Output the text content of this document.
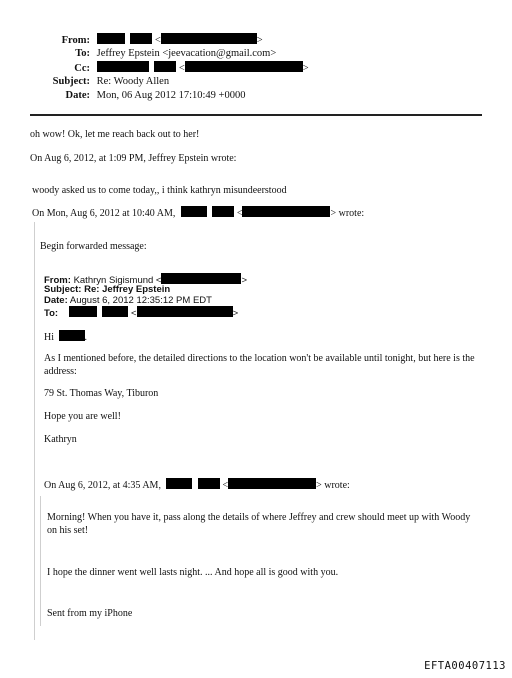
From:	<	>
To: Jeffrey Epstein <jeevacation@gmail.com>
Cc:	<	>
Subject: Re: Woody Allen
Date: Mon, 06 Aug 2012 17:10:49 +0000
oh wow! Ok, let me reach back out to her!
On Aug 6, 2012, at 1:09 PM, Jeffrey Epstein wrote:
woody asked us to come today,, i think kathryn misundeerstood
On Mon, Aug 6, 2012 at 10:40 AM,	<	> wrote:
Begin forwarded message:
From: Kathryn Sigismund <	>
Subject: Re: Jeffrey Epstein
Date: August 6, 2012 12:35:12 PM EDT
To:	<	>
Hi	.
As I mentioned before, the detailed directions to the location won't be available until tonight, but here is the
address:
79 St. Thomas Way, Tiburon
Hope you are well!
Kathryn
On Aug 6, 2012, at 4:35 AM,	<	> wrote:
Morning! When you have it, pass along the details of where Jeffrey and crew should meet up with Woody
on his set!
I hope the dinner went well lasts night. ... And hope all is good with you.
Sent from my iPhone
EFTA00407113
